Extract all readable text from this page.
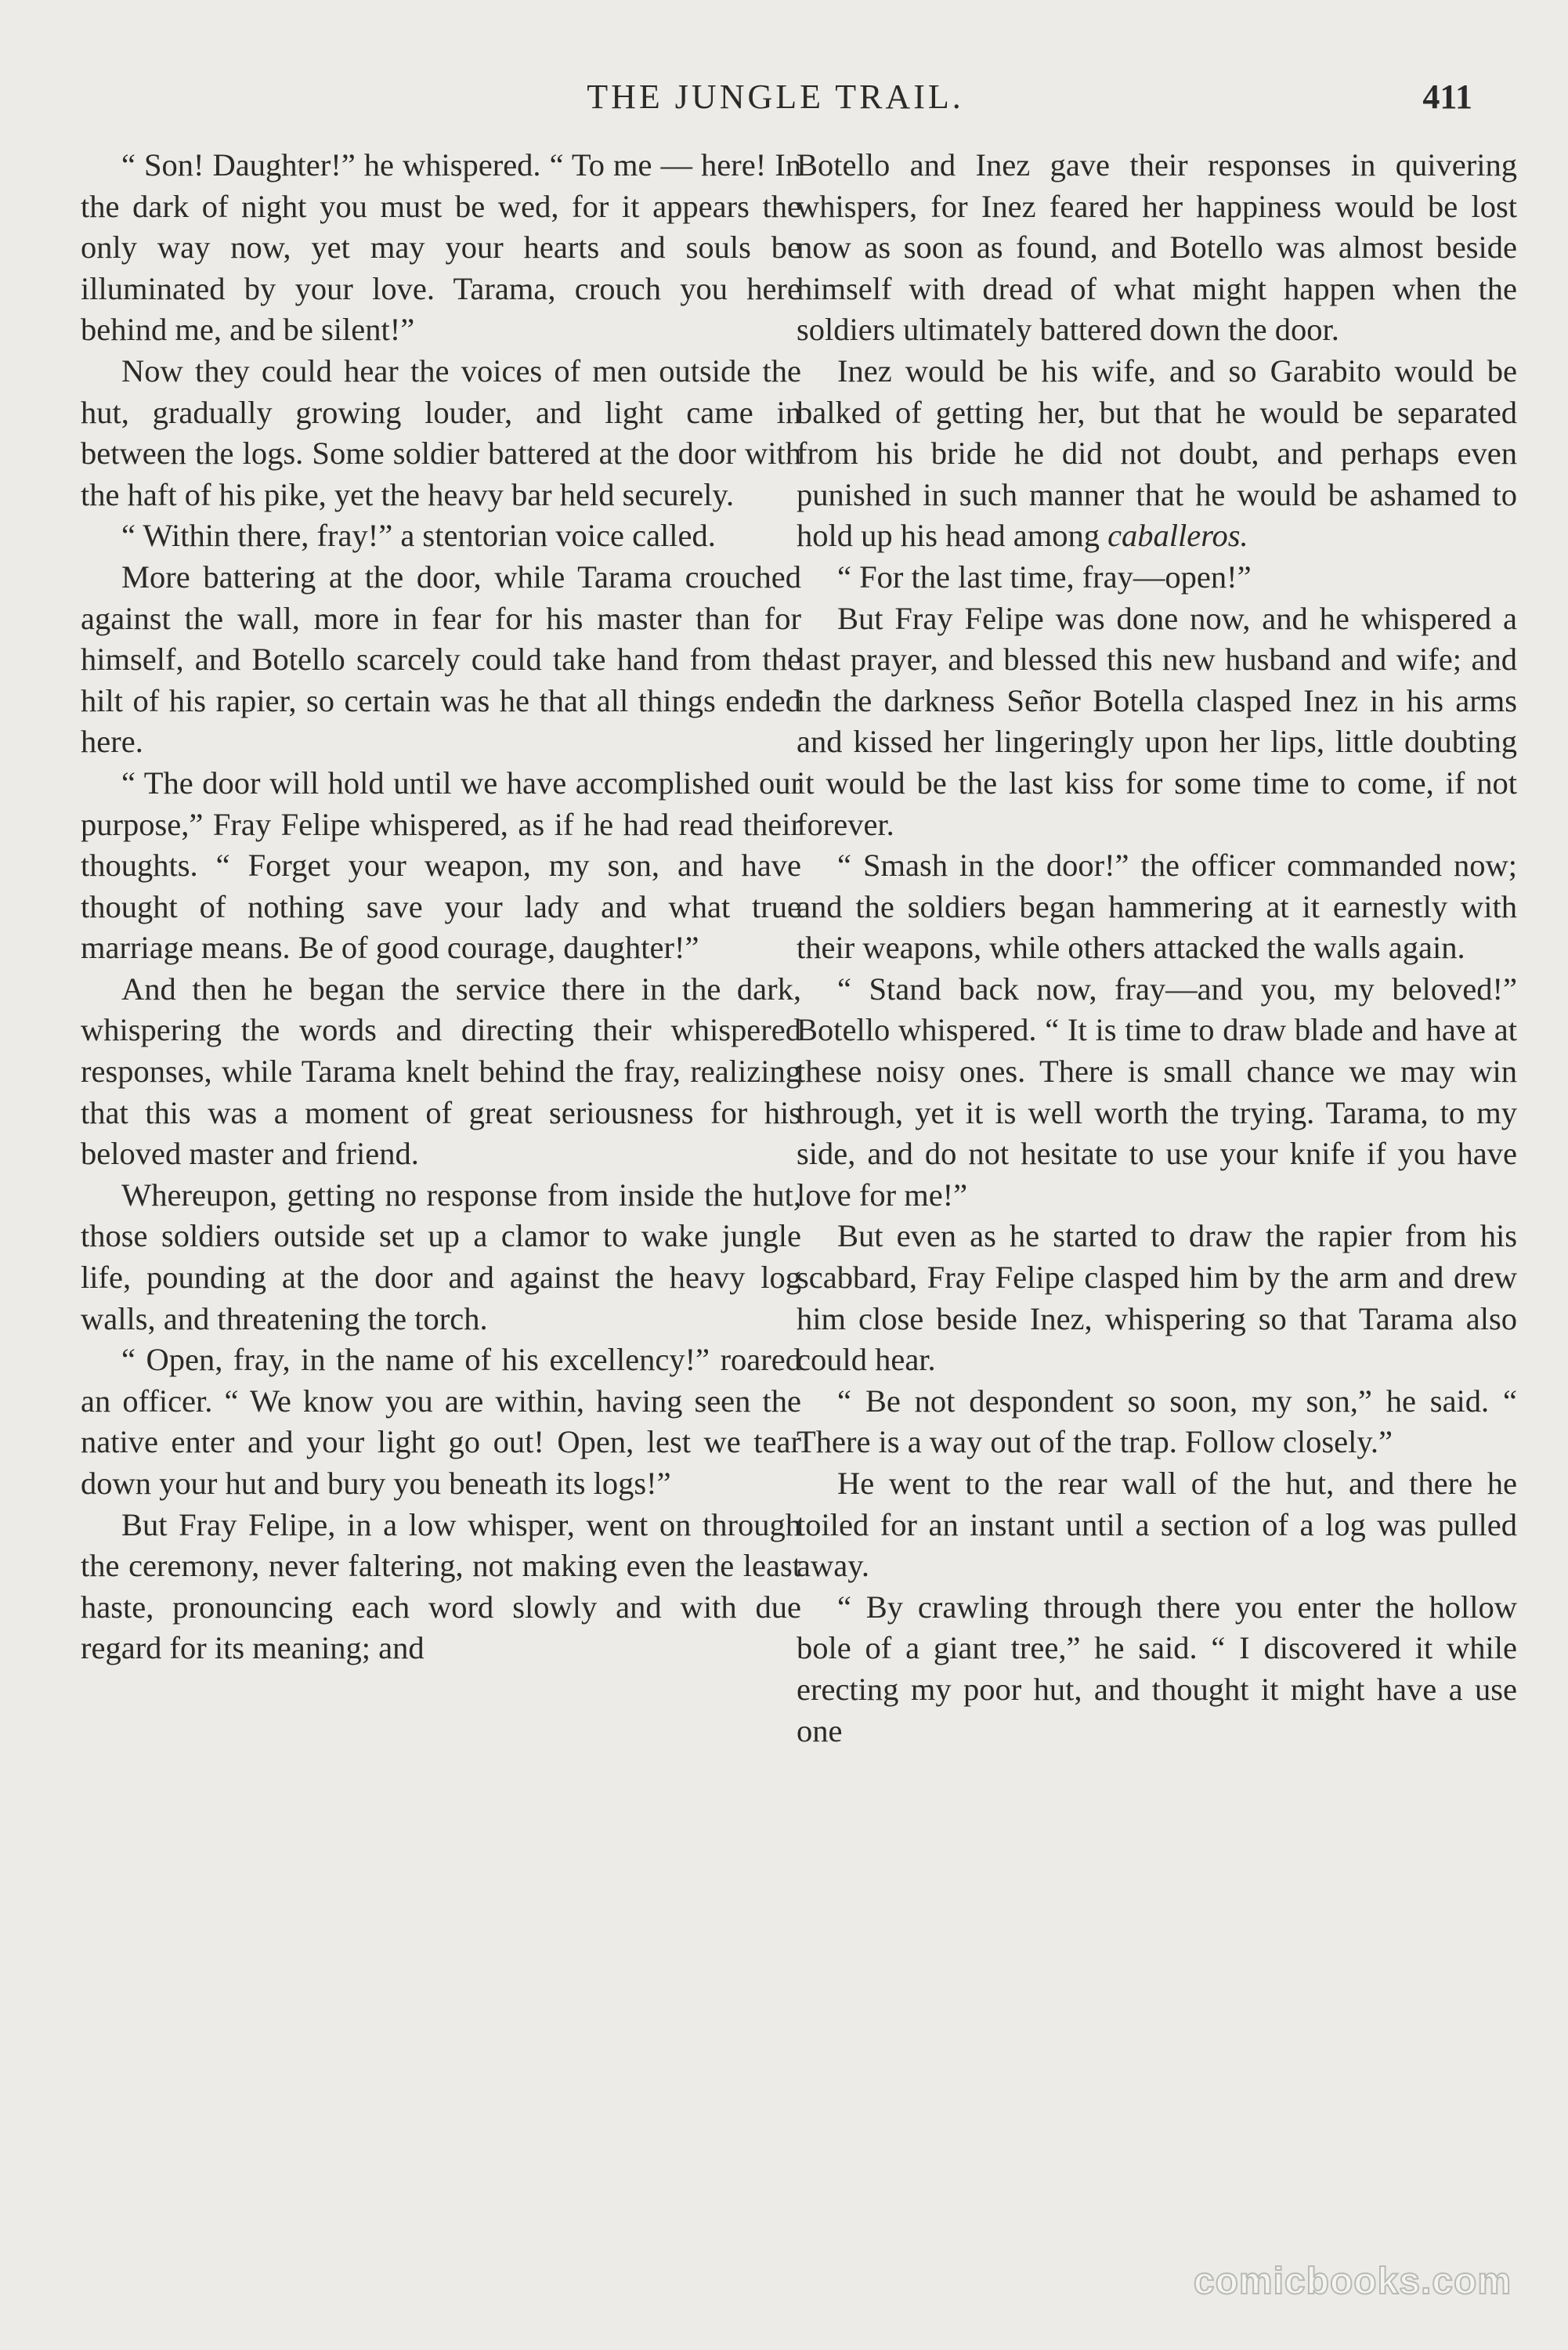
THE JUNGLE TRAIL.	411

“ Son! Daughter!” he whispered. “ To me — here! In the dark of night you must be wed, for it appears the only way now, yet may your hearts and souls be illuminated by your love. Tarama, crouch you here behind me, and be silent!”

Now they could hear the voices of men outside the hut, gradually growing louder, and light came in between the logs. Some soldier battered at the door with the haft of his pike, yet the heavy bar held securely.

“ Within there, fray!” a stentorian voice called.

More battering at the door, while Tarama crouched against the wall, more in fear for his master than for himself, and Botello scarcely could take hand from the hilt of his rapier, so certain was he that all things ended here.

“ The door will hold until we have accomplished our purpose,” Fray Felipe whispered, as if he had read their thoughts. “ Forget your weapon, my son, and have thought of nothing save your lady and what true marriage means. Be of good courage, daughter!”

And then he began the service there in the dark, whispering the words and directing their whispered responses, while Tarama knelt behind the fray, realizing that this was a moment of great seriousness for his beloved master and friend.

Whereupon, getting no response from inside the hut, those soldiers outside set up a clamor to wake jungle life, pounding at the door and against the heavy log walls, and threatening the torch.

“ Open, fray, in the name of his excellency!” roared an officer. “ We know you are within, having seen the native enter and your light go out! Open, lest we tear down your hut and bury you beneath its logs!”

But Fray Felipe, in a low whisper, went on through the ceremony, never faltering, not making even the least haste, pronouncing each word slowly and with due regard for its meaning; and

Botello and Inez gave their responses in quivering whispers, for Inez feared her happiness would be lost now as soon as found, and Botello was almost beside himself with dread of what might happen when the soldiers ultimately battered down the door.

Inez would be his wife, and so Garabito would be balked of getting her, but that he would be separated from his bride he did not doubt, and perhaps even punished in such manner that he would be ashamed to hold up his head among caballeros.

“ For the last time, fray—open!”

But Fray Felipe was done now, and he whispered a last prayer, and blessed this new husband and wife; and in the darkness Señor Botella clasped Inez in his arms and kissed her lingeringly upon her lips, little doubting it would be the last kiss for some time to come, if not forever.

“ Smash in the door!” the officer commanded now; and the soldiers began hammering at it earnestly with their weapons, while others attacked the walls again.

“ Stand back now, fray—and you, my beloved!” Botello whispered. “ It is time to draw blade and have at these noisy ones. There is small chance we may win through, yet it is well worth the trying. Tarama, to my side, and do not hesitate to use your knife if you have love for me!”

But even as he started to draw the rapier from his scabbard, Fray Felipe clasped him by the arm and drew him close beside Inez, whispering so that Tarama also could hear.

“ Be not despondent so soon, my son,” he said. “ There is a way out of the trap. Follow closely.”

He went to the rear wall of the hut, and there he toiled for an instant until a section of a log was pulled away.

“ By crawling through there you enter the hollow bole of a giant tree,” he said. “ I discovered it while erecting my poor hut, and thought it might have a use one

comicbooks.com
